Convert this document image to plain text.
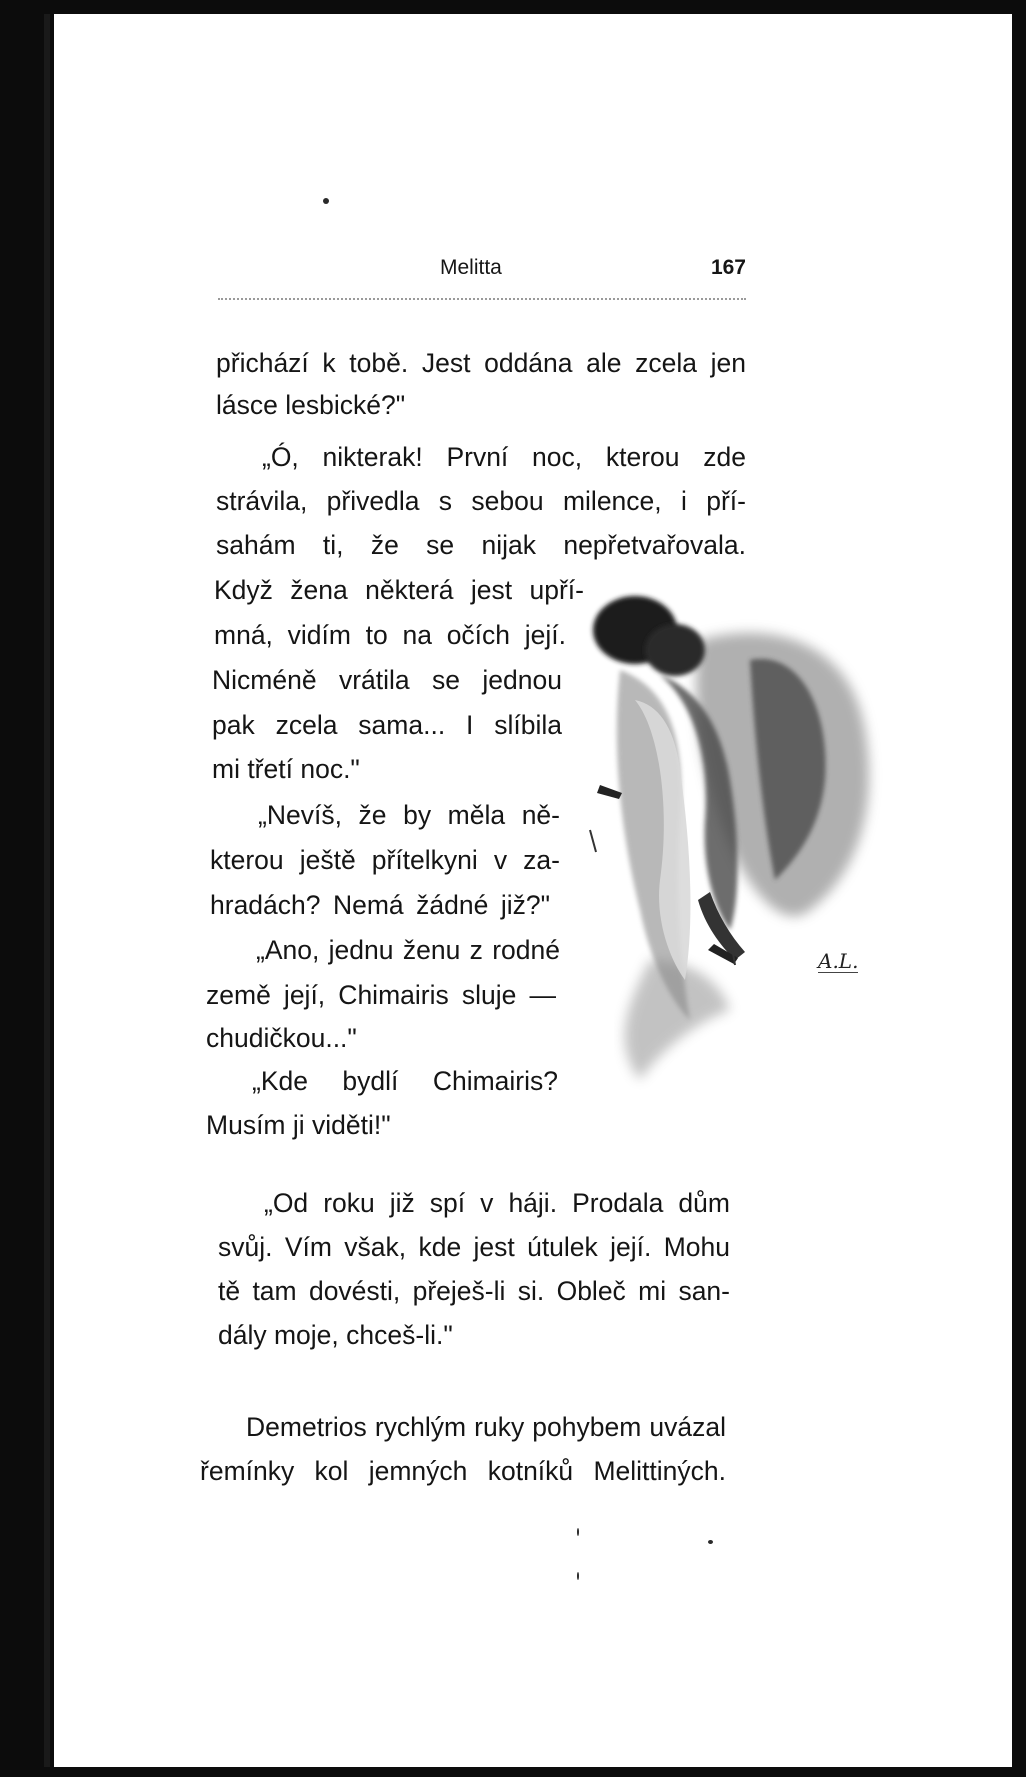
Melitta	167
přichází k tobě. Jest oddána ale zcela jen
lásce lesbické?"
„Ó, nikterak! První noc, kterou zde
strávila, přivedla s sebou milence, i pří-
sahám ti, že se nijak nepřetvařovala.
Když žena některá jest upří-
mná, vidím to na očích její.
Nicméně vrátila se jednou
pak zcela sama... I slíbila
mi třetí noc."
„Nevíš, že by měla ně-
kterou ještě přítelkyni v za-
hradách? Nemá žádné již?"
„Ano, jednu ženu z rodné
země její, Chimairis sluje —
chudičkou..."
„Kde bydlí Chimairis?
Musím ji viděti!"
A.L.
„Od roku již spí v háji. Prodala dům
svůj. Vím však, kde jest útulek její. Mohu
tě tam dovésti, přeješ-li si. Obleč mi san-
dály moje, chceš-li."
Demetrios rychlým ruky pohybem uvázal
řemínky kol jemných kotníků Melittiných.
